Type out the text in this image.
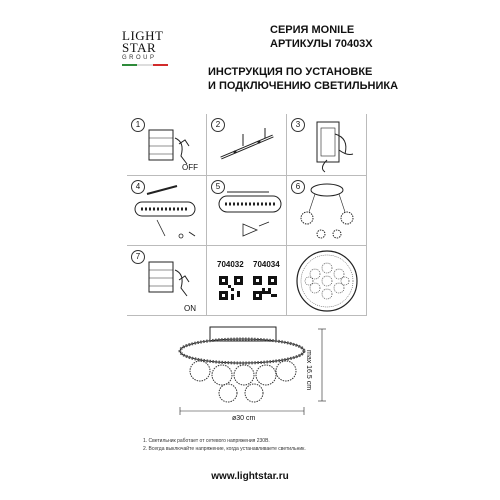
LIGHT
STAR
GROUP
СЕРИЯ MONILE
АРТИКУЛЫ 70403X
ИНСТРУКЦИЯ ПО УСТАНОВКЕ
И ПОДКЛЮЧЕНИЮ СВЕТИЛЬНИКА
1
OFF
2	3
4	5	6
7
ON
704032 704034
max 16.5 cm
ø30 cm
1. Светильник работает от сетевого напряжения 230В.
2. Всегда выключайте напряжение, когда устанавливаете светильник.
www.lightstar.ru
